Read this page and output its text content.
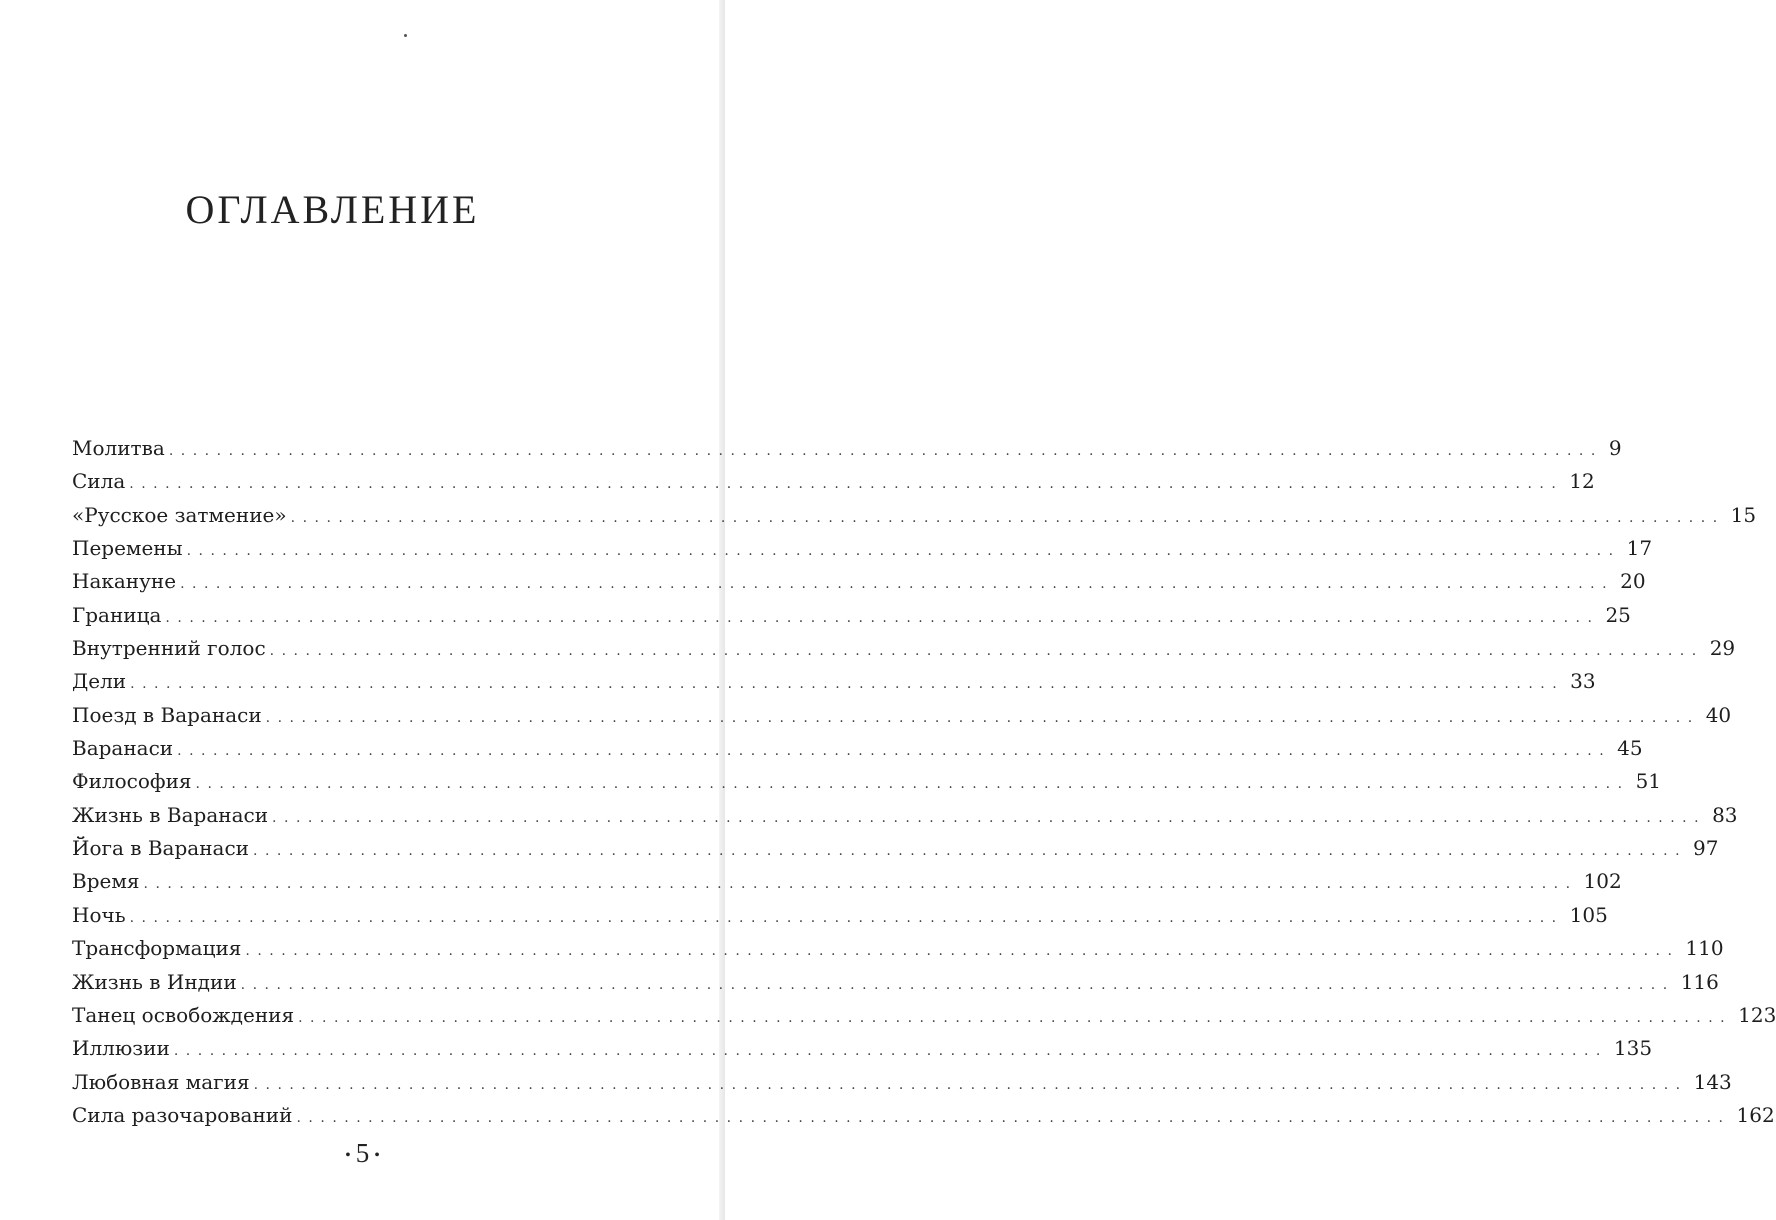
ОГЛАВЛЕНИЕ
Молитва ........................................................................................................................ 9
Сила ........................................................................................................................ 12
«Русское затмение» ........................................................................................................................ 15
Перемены ........................................................................................................................ 17
Накануне ........................................................................................................................ 20
Граница ........................................................................................................................ 25
Внутренний голос ........................................................................................................................ 29
Дели ........................................................................................................................ 33
Поезд в Варанаси ........................................................................................................................ 40
Варанаси ........................................................................................................................ 45
Философия ........................................................................................................................ 51
Жизнь в Варанаси ........................................................................................................................ 83
Йога в Варанаси ........................................................................................................................ 97
Время ........................................................................................................................ 102
Ночь ........................................................................................................................ 105
Трансформация ........................................................................................................................ 110
Жизнь в Индии ........................................................................................................................ 116
Танец освобождения ........................................................................................................................ 123
Иллюзии ........................................................................................................................ 135
Любовная магия ........................................................................................................................ 143
Сила разочарований ........................................................................................................................ 162
• 5 •
